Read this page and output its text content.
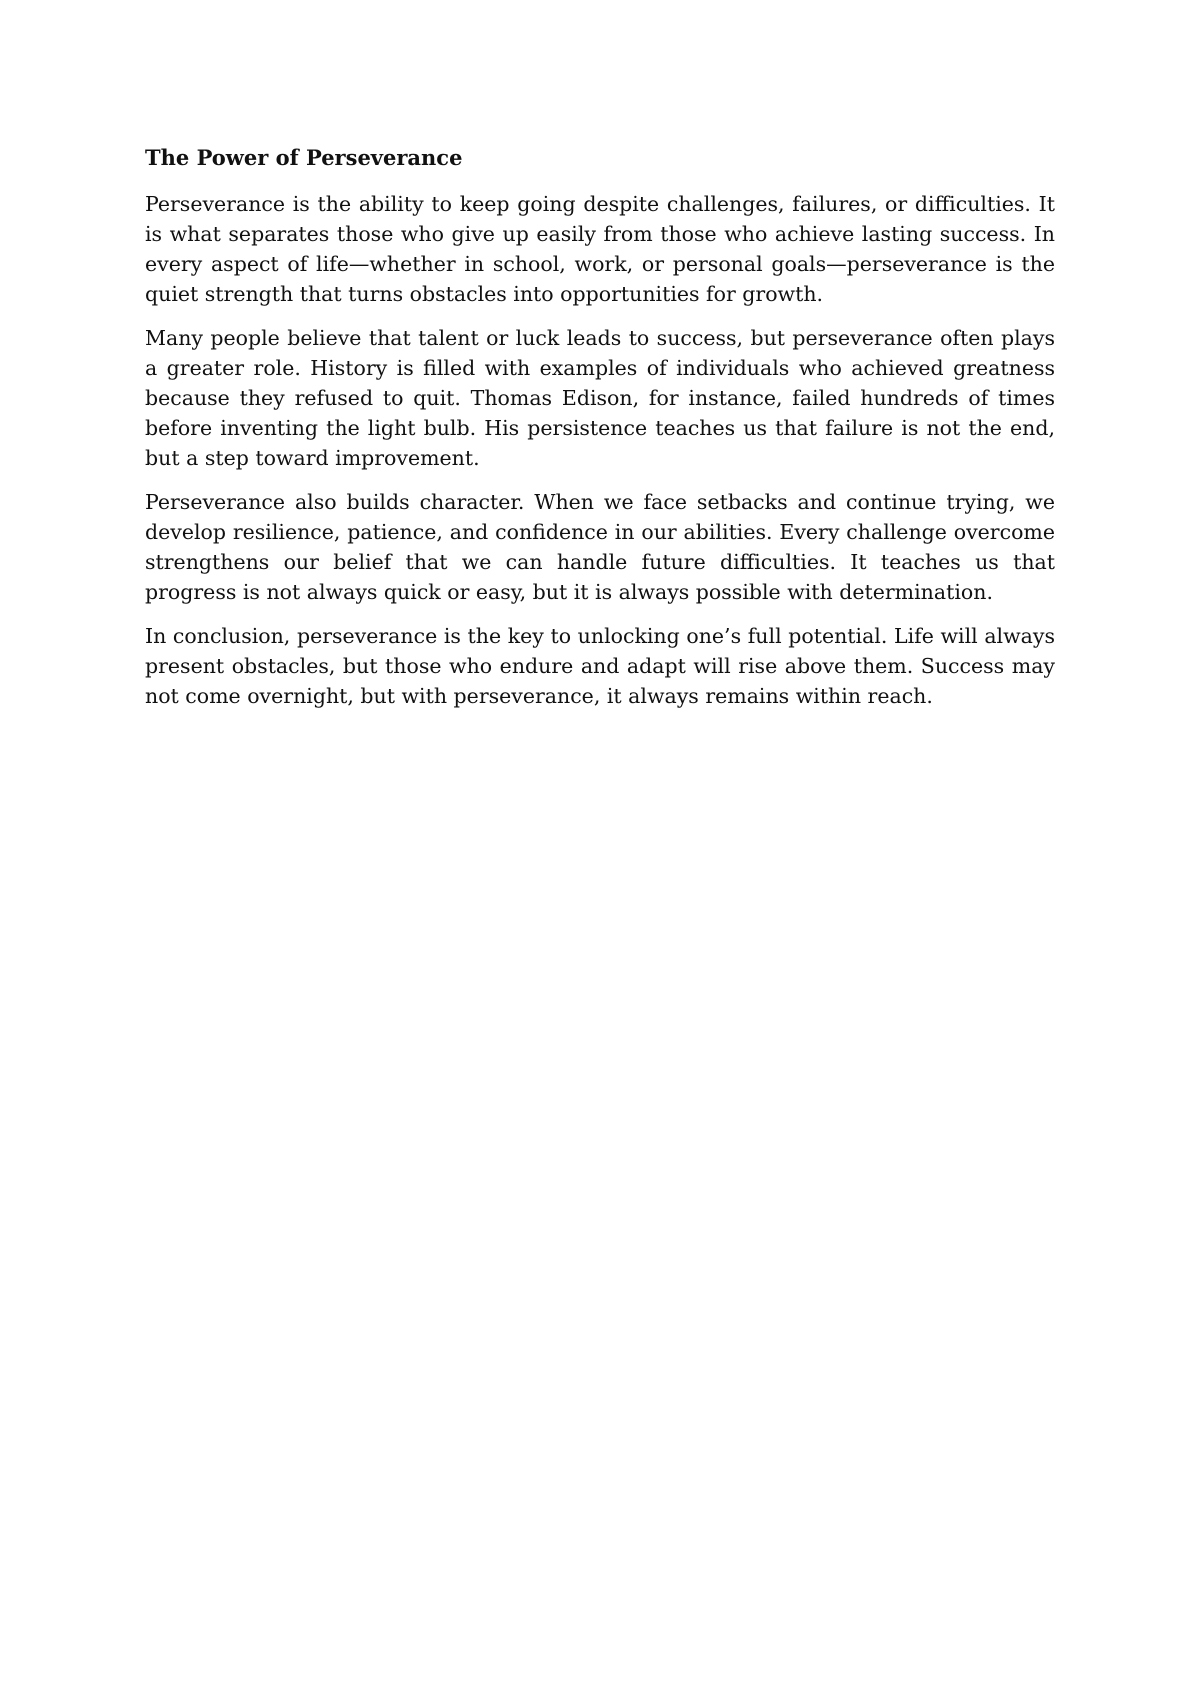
The Power of Perseverance

Perseverance is the ability to keep going despite challenges, failures, or difficulties. It is what separates those who give up easily from those who achieve lasting success. In every aspect of life—whether in school, work, or personal goals—perseverance is the quiet strength that turns obstacles into opportunities for growth.

Many people believe that talent or luck leads to success, but perseverance often plays a greater role. History is filled with examples of individuals who achieved greatness because they refused to quit. Thomas Edison, for instance, failed hundreds of times before inventing the light bulb. His persistence teaches us that failure is not the end, but a step toward improvement.

Perseverance also builds character. When we face setbacks and continue trying, we develop resilience, patience, and confidence in our abilities. Every challenge overcome strengthens our belief that we can handle future difficulties. It teaches us that progress is not always quick or easy, but it is always possible with determination.

In conclusion, perseverance is the key to unlocking one’s full potential. Life will always present obstacles, but those who endure and adapt will rise above them. Success may not come overnight, but with perseverance, it always remains within reach.
